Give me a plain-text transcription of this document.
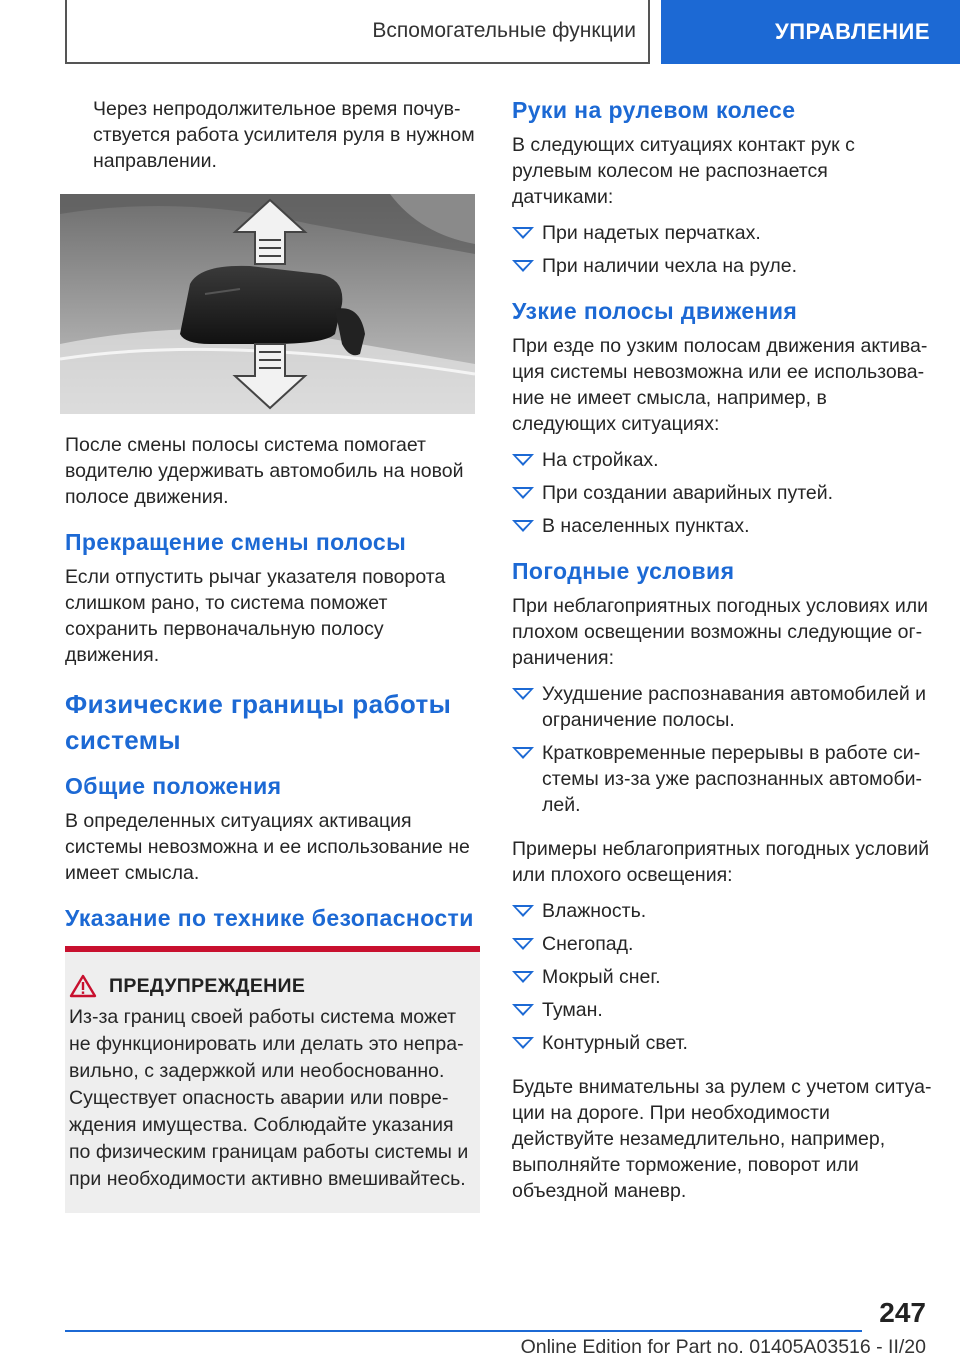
Вспомогательные функции	УПРАВЛЕНИЕ

Через непродолжительное время почувствуется работа усилителя руля в нужном направлении.

После смены полосы система помогает водителю удерживать автомобиль на новой полосе движения.

Прекращение смены полосы

Если отпустить рычаг указателя поворота слишком рано, то система поможет сохранить первоначальную полосу движения.

Физические границы работы системы
Общие положения

В определенных ситуациях активация системы невозможна и ее использование не имеет смысла.

Указание по технике безопасности
ПРЕДУПРЕЖДЕНИЕ
Из-за границ своей работы система может не функционировать или делать это неправильно, с задержкой или необоснованно. Существует опасность аварии или повреждения имущества. Соблюдайте указания по физическим границам работы системы и при необходимости активно вмешивайтесь.
Руки на рулевом колесе

В следующих ситуациях контакт рук с рулевым колесом не распознается датчиками:

При надетых перчатках.
При наличии чехла на руле.
Узкие полосы движения

При езде по узким полосам движения активация системы невозможна или ее использование не имеет смысла, например, в следующих ситуациях:

На стройках.
При создании аварийных путей.
В населенных пунктах.
Погодные условия

При неблагоприятных погодных условиях или плохом освещении возможны следующие ограничения:

Ухудшение распознавания автомобилей и ограничение полосы.
Кратковременные перерывы в работе системы из-за уже распознанных автомобилей.

Примеры неблагоприятных погодных условий или плохого освещения:

Влажность.
Снегопад.
Мокрый снег.
Туман.
Контурный свет.

Будьте внимательны за рулем с учетом ситуации на дороге. При необходимости действуйте незамедлительно, например, выполняйте торможение, поворот или объездной маневр.

247
Online Edition for Part no. 01405A03516 - II/20
